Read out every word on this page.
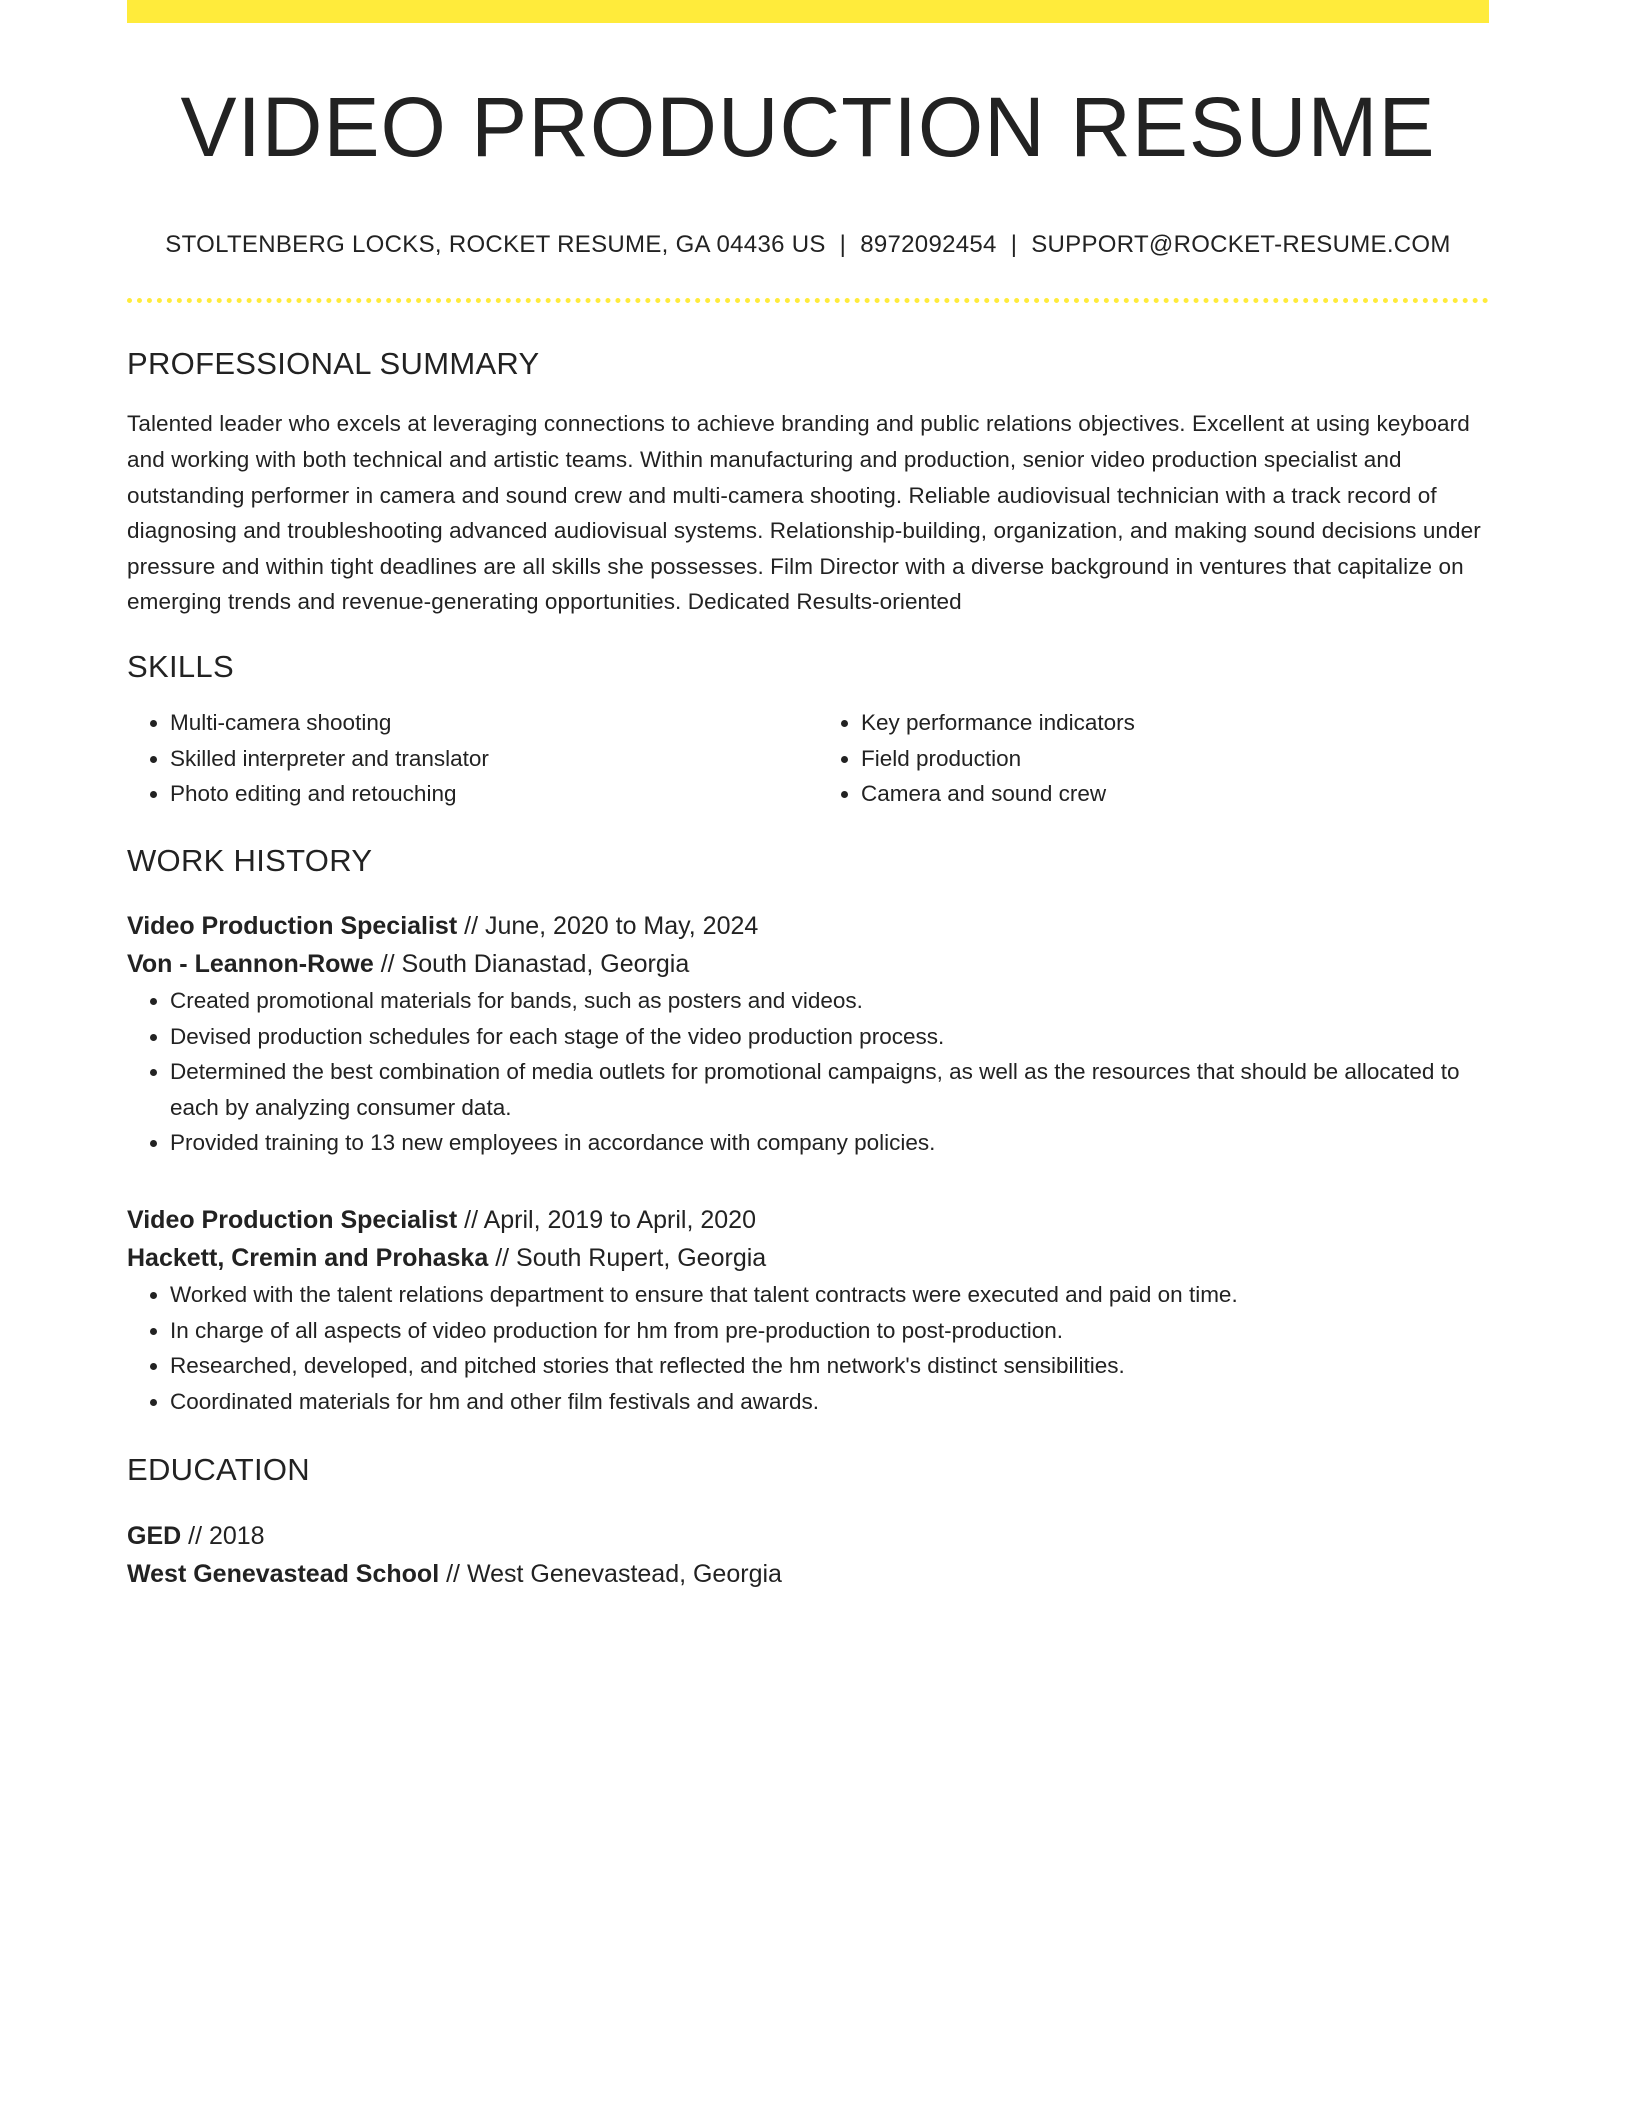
VIDEO PRODUCTION RESUME
STOLTENBERG LOCKS, ROCKET RESUME, GA 04436 US | 8972092454 | SUPPORT@ROCKET-RESUME.COM
PROFESSIONAL SUMMARY

Talented leader who excels at leveraging connections to achieve branding and public relations objectives. Excellent at using keyboard and working with both technical and artistic teams. Within manufacturing and production, senior video production specialist and outstanding performer in camera and sound crew and multi-camera shooting. Reliable audiovisual technician with a track record of diagnosing and troubleshooting advanced audiovisual systems. Relationship-building, organization, and making sound decisions under pressure and within tight deadlines are all skills she possesses. Film Director with a diverse background in ventures that capitalize on emerging trends and revenue-generating opportunities. Dedicated Results-oriented

SKILLS
• Multi-camera shooting
• Skilled interpreter and translator
• Photo editing and retouching
• Key performance indicators
• Field production
• Camera and sound crew
WORK HISTORY
Video Production Specialist // June, 2020 to May, 2024
Von - Leannon-Rowe // South Dianastad, Georgia
• Created promotional materials for bands, such as posters and videos.
• Devised production schedules for each stage of the video production process.
• Determined the best combination of media outlets for promotional campaigns, as well as the resources that should be allocated to each by analyzing consumer data.
• Provided training to 13 new employees in accordance with company policies.
Video Production Specialist // April, 2019 to April, 2020
Hackett, Cremin and Prohaska // South Rupert, Georgia
• Worked with the talent relations department to ensure that talent contracts were executed and paid on time.
• In charge of all aspects of video production for hm from pre-production to post-production.
• Researched, developed, and pitched stories that reflected the hm network's distinct sensibilities.
• Coordinated materials for hm and other film festivals and awards.
EDUCATION
GED // 2018
West Genevastead School // West Genevastead, Georgia
